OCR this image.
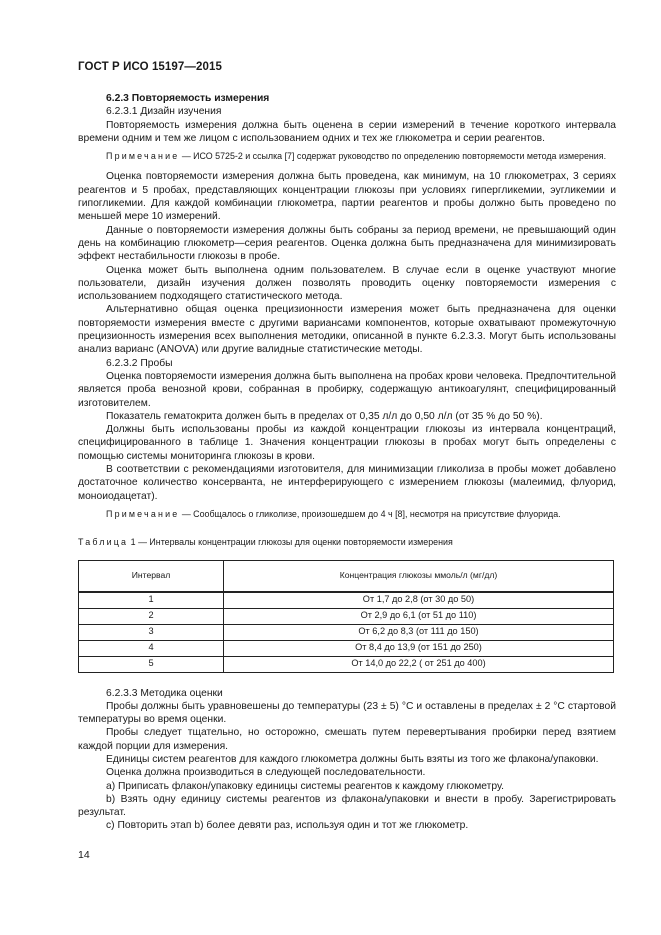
ГОСТ Р ИСО 15197—2015

6.2.3 Повторяемость измерения

6.2.3.1 Дизайн изучения

Повторяемость измерения должна быть оценена в серии измерений в течение короткого интервала времени одним и тем же лицом с использованием одних и тех же глюкометра и серии реагентов.

Примечание — ИСО 5725-2 и ссылка [7] содержат руководство по определению повторяемости метода измерения.

Оценка повторяемости измерения должна быть проведена, как минимум, на 10 глюкометрах, 3 сериях реагентов и 5 пробах, представляющих концентрации глюкозы при условиях гипергликемии, эугликемии и гипогликемии. Для каждой комбинации глюкометра, партии реагентов и пробы должно быть проведено по меньшей мере 10 измерений.

Данные о повторяемости измерения должны быть собраны за период времени, не превышающий один день на комбинацию глюкометр—серия реагентов. Оценка должна быть предназначена для минимизировать эффект нестабильности глюкозы в пробе.

Оценка может быть выполнена одним пользователем. В случае если в оценке участвуют многие пользователи, дизайн изучения должен позволять проводить оценку повторяемости измерения с использованием подходящего статистического метода.

Альтернативно общая оценка прецизионности измерения может быть предназначена для оценки повторяемости измерения вместе с другими вариансами компонентов, которые охватывают промежуточную прецизионность измерения всех выполнения методики, описанной в пункте 6.2.3.3. Могут быть использованы анализ варианс (ANOVA) или другие валидные статистические методы.

6.2.3.2 Пробы

Оценка повторяемости измерения должна быть выполнена на пробах крови человека. Предпочтительной является проба венозной крови, собранная в пробирку, содержащую антикоагулянт, специфицированный изготовителем.

Показатель гематокрита должен быть в пределах от 0,35 л/л до 0,50 л/л (от 35 % до 50 %).

Должны быть использованы пробы из каждой концентрации глюкозы из интервала концентраций, специфицированного в таблице 1. Значения концентрации глюкозы в пробах могут быть определены с помощью системы мониторинга глюкозы в крови.

В соответствии с рекомендациями изготовителя, для минимизации гликолиза в пробы может добавлено достаточное количество консерванта, не интерферирующего с измерением глюкозы (малеимид, флуорид, моноиодацетат).

Примечание — Сообщалось о гликолизе, произошедшем до 4 ч [8], несмотря на присутствие флуорида.

Таблица 1 — Интервалы концентрации глюкозы для оценки повторяемости измерения

Интервал	Концентрация глюкозы ммоль/л (мг/дл)
1	От 1,7 до 2,8 (от 30 до 50)
2	От 2,9 до 6,1 (от 51 до 110)
3	От 6,2 до 8,3 (от 111 до 150)
4	От 8,4 до 13,9 (от 151 до 250)
5	От 14,0 до 22,2 ( от 251 до 400)

6.2.3.3 Методика оценки

Пробы должны быть уравновешены до температуры (23 ± 5) °С и оставлены в пределах ± 2 °С стартовой температуры во время оценки.

Пробы следует тщательно, но осторожно, смешать путем перевертывания пробирки перед взятием каждой порции для измерения.

Единицы систем реагентов для каждого глюкометра должны быть взяты из того же флакона/упаковки.

Оценка должна производиться в следующей последовательности.

a) Приписать флакон/упаковку единицы системы реагентов к каждому глюкометру.

b) Взять одну единицу системы реагентов из флакона/упаковки и внести в пробу. Зарегистрировать результат.

c) Повторить этап b) более девяти раз, используя один и тот же глюкометр.

14
